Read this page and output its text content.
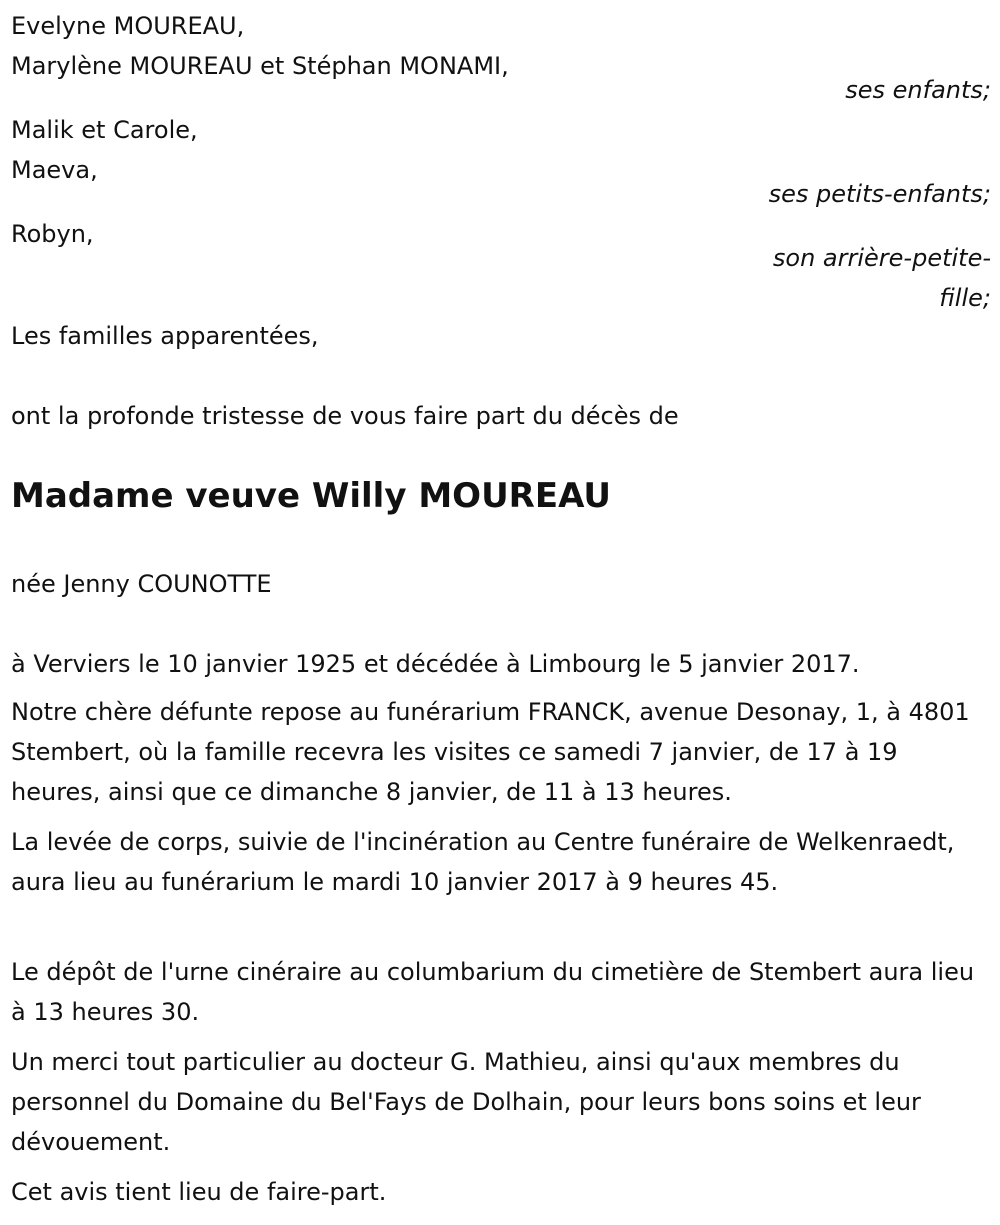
Evelyne MOUREAU,
Marylène MOUREAU et Stéphan MONAMI,
ses enfants;
Malik et Carole,
Maeva,
ses petits-enfants;
Robyn,
son arrière-petite-
fille;
Les familles apparentées,
ont la profonde tristesse de vous faire part du décès de
Madame veuve Willy MOUREAU
née Jenny COUNOTTE
à Verviers le 10 janvier 1925 et décédée à Limbourg le 5 janvier 2017.
Notre chère défunte repose au funérarium FRANCK, avenue Desonay, 1, à 4801 Stembert, où la famille recevra les visites ce samedi 7 janvier, de 17 à 19 heures, ainsi que ce dimanche 8 janvier, de 11 à 13 heures.
La levée de corps, suivie de l'incinération au Centre funéraire de Welkenraedt, aura lieu au funérarium le mardi 10 janvier 2017 à 9 heures 45.
Le dépôt de l'urne cinéraire au columbarium du cimetière de Stembert aura lieu à 13 heures 30.
Un merci tout particulier au docteur G. Mathieu, ainsi qu'aux membres du personnel du Domaine du Bel'Fays de Dolhain, pour leurs bons soins et leur dévouement.
Cet avis tient lieu de faire-part.
